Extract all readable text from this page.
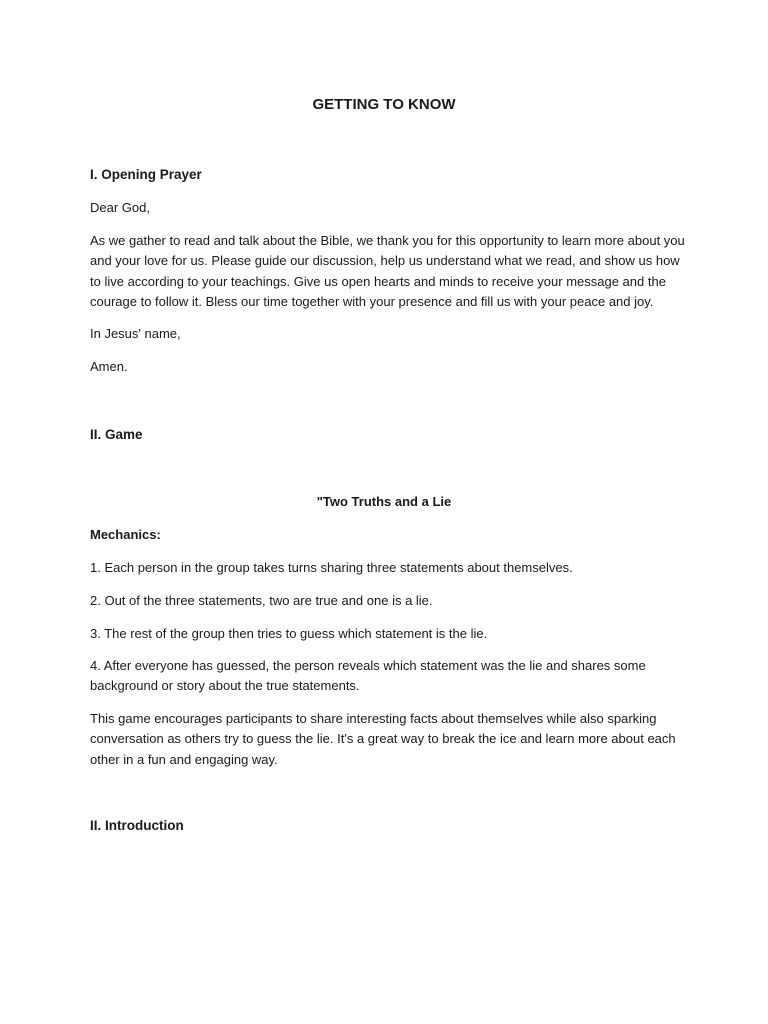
GETTING TO KNOW
I. Opening Prayer

Dear God,

As we gather to read and talk about the Bible, we thank you for this opportunity to learn more about you and your love for us. Please guide our discussion, help us understand what we read, and show us how to live according to your teachings. Give us open hearts and minds to receive your message and the courage to follow it. Bless our time together with your presence and fill us with your peace and joy.

In Jesus' name,

Amen.

II. Game
"Two Truths and a Lie
Mechanics:

1. Each person in the group takes turns sharing three statements about themselves.

2. Out of the three statements, two are true and one is a lie.

3. The rest of the group then tries to guess which statement is the lie.

4. After everyone has guessed, the person reveals which statement was the lie and shares some background or story about the true statements.

This game encourages participants to share interesting facts about themselves while also sparking conversation as others try to guess the lie. It's a great way to break the ice and learn more about each other in a fun and engaging way.

II. Introduction
